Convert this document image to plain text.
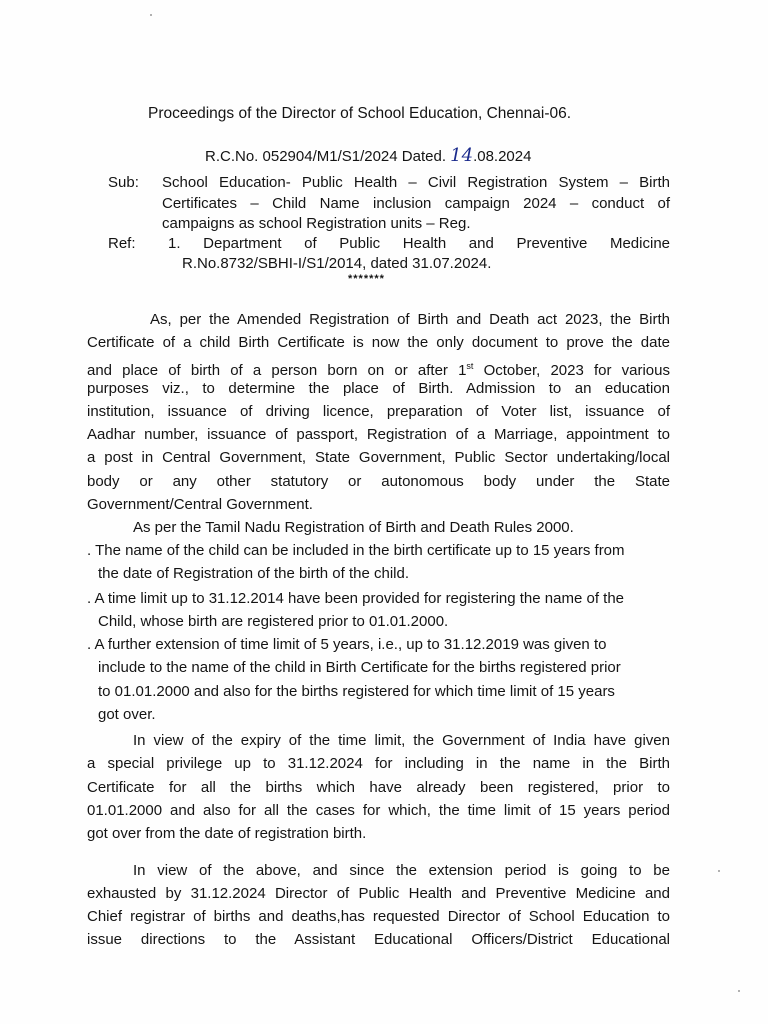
Proceedings of the Director of School Education, Chennai-06.
R.C.No. 052904/M1/S1/2024 Dated. 14.08.2024
Sub: School Education- Public Health – Civil Registration System – Birth
Certificates – Child Name inclusion campaign 2024 – conduct of
campaigns as school Registration units – Reg.
Ref: 1. Department of Public Health and Preventive Medicine
R.No.8732/SBHI-I/S1/2014, dated 31.07.2024.
*******
As, per the Amended Registration of Birth and Death act 2023, the Birth
Certificate of a child Birth Certificate is now the only document to prove the date
and place of birth of a person born on or after 1st October, 2023 for various
purposes viz., to determine the place of Birth. Admission to an education
institution, issuance of driving licence, preparation of Voter list, issuance of
Aadhar number, issuance of passport, Registration of a Marriage, appointment to
a post in Central Government, State Government, Public Sector undertaking/local
body or any other statutory or autonomous body under the State
Government/Central Government.
As per the Tamil Nadu Registration of Birth and Death Rules 2000.
. The name of the child can be included in the birth certificate up to 15 years from
the date of Registration of the birth of the child.
. A time limit up to 31.12.2014 have been provided for registering the name of the
Child, whose birth are registered prior to 01.01.2000.
. A further extension of time limit of 5 years, i.e., up to 31.12.2019 was given to
include to the name of the child in Birth Certificate for the births registered prior
to 01.01.2000 and also for the births registered for which time limit of 15 years
got over.
In view of the expiry of the time limit, the Government of India have given
a special privilege up to 31.12.2024 for including in the name in the Birth
Certificate for all the births which have already been registered, prior to
01.01.2000 and also for all the cases for which, the time limit of 15 years period
got over from the date of registration birth.
In view of the above, and since the extension period is going to be
exhausted by 31.12.2024 Director of Public Health and Preventive Medicine and
Chief registrar of births and deaths,has requested Director of School Education to
issue directions to the Assistant Educational Officers/District Educational
